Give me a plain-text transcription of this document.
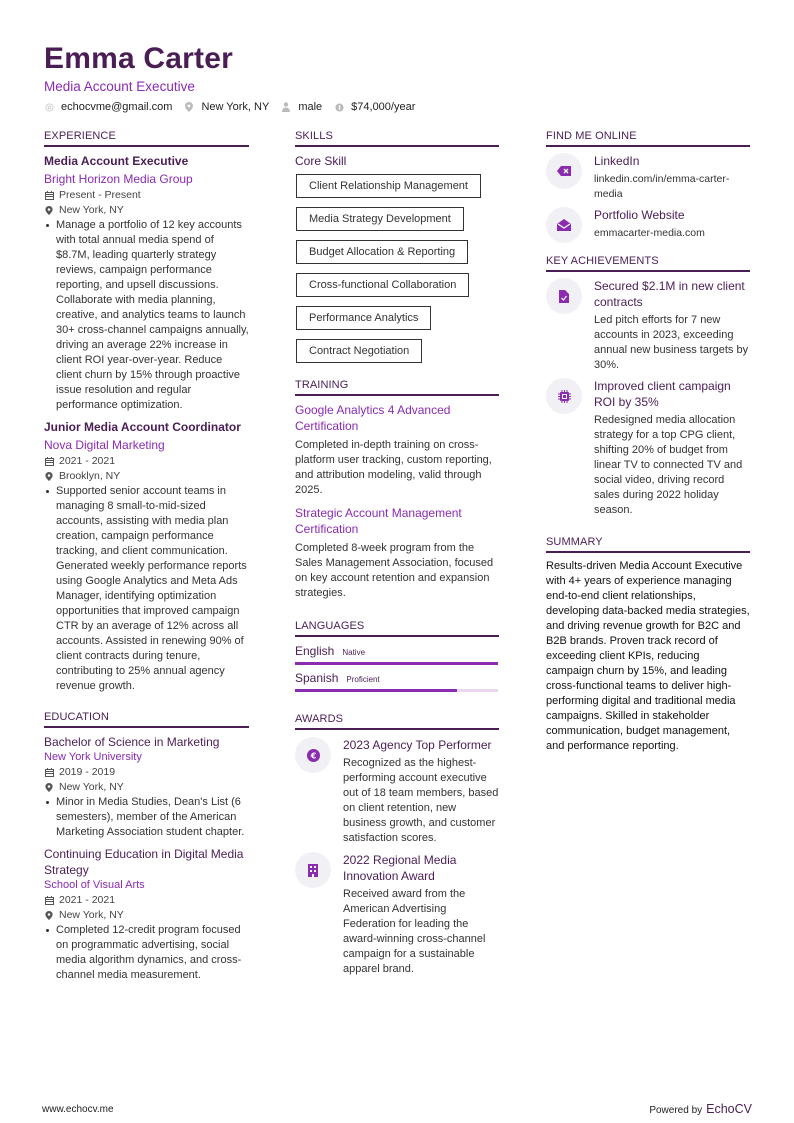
Emma Carter
Media Account Executive
echocvme@gmail.com	New York, NY	male	$74,000/year
EXPERIENCE
Media Account Executive
Bright Horizon Media Group
Present - Present
New York, NY
Manage a portfolio of 12 key accounts with total annual media spend of $8.7M, leading quarterly strategy reviews, campaign performance reporting, and upsell discussions. Collaborate with media planning, creative, and analytics teams to launch 30+ cross-channel campaigns annually, driving an average 22% increase in client ROI year-over-year. Reduce client churn by 15% through proactive issue resolution and regular performance optimization.
Junior Media Account Coordinator
Nova Digital Marketing
2021 - 2021
Brooklyn, NY
Supported senior account teams in managing 8 small-to-mid-sized accounts, assisting with media plan creation, campaign performance tracking, and client communication. Generated weekly performance reports using Google Analytics and Meta Ads Manager, identifying optimization opportunities that improved campaign CTR by an average of 12% across all accounts. Assisted in renewing 90% of client contracts during tenure, contributing to 25% annual agency revenue growth.
EDUCATION
Bachelor of Science in Marketing
New York University
2019 - 2019
New York, NY
Minor in Media Studies, Dean's List (6 semesters), member of the American Marketing Association student chapter.
Continuing Education in Digital Media Strategy
School of Visual Arts
2021 - 2021
New York, NY
Completed 12-credit program focused on programmatic advertising, social media algorithm dynamics, and cross-channel media measurement.
SKILLS
Core Skill
Client Relationship Management
Media Strategy Development
Budget Allocation & Reporting
Cross-functional Collaboration
Performance Analytics
Contract Negotiation
TRAINING
Google Analytics 4 Advanced Certification
Completed in-depth training on cross-platform user tracking, custom reporting, and attribution modeling, valid through 2025.
Strategic Account Management Certification
Completed 8-week program from the Sales Management Association, focused on key account retention and expansion strategies.
LANGUAGES
English Native
Spanish Proficient
AWARDS
€
2023 Agency Top Performer
Recognized as the highest-performing account executive out of 18 team members, based on client retention, new business growth, and customer satisfaction scores.
2022 Regional Media Innovation Award
Received award from the American Advertising Federation for leading the award-winning cross-channel campaign for a sustainable apparel brand.
FIND ME ONLINE
LinkedIn
linkedin.com/in/emma-carter-media
Portfolio Website
emmacarter-media.com
KEY ACHIEVEMENTS
Secured $2.1M in new client contracts
Led pitch efforts for 7 new accounts in 2023, exceeding annual new business targets by 30%.
Improved client campaign ROI by 35%
Redesigned media allocation strategy for a top CPG client, shifting 20% of budget from linear TV to connected TV and social video, driving record sales during 2022 holiday season.
SUMMARY
Results-driven Media Account Executive with 4+ years of experience managing end-to-end client relationships, developing data-backed media strategies, and driving revenue growth for B2C and B2B brands. Proven track record of exceeding client KPIs, reducing campaign churn by 15%, and leading cross-functional teams to deliver high-performing digital and traditional media campaigns. Skilled in stakeholder communication, budget management, and performance reporting.
www.echocv.me	Powered by EchoCV
